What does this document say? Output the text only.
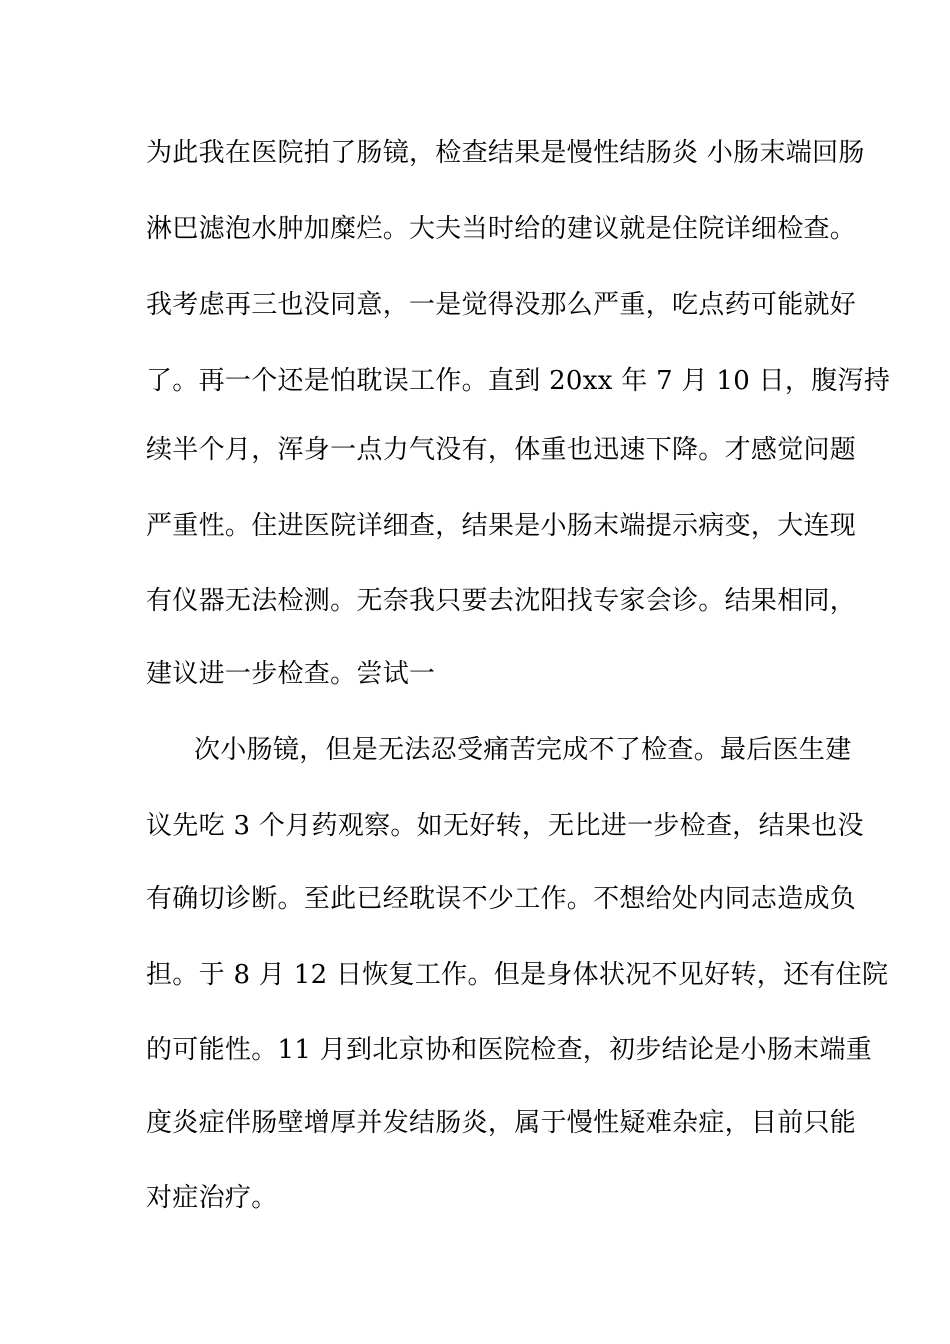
为此我在医院拍了肠镜，检查结果是慢性结肠炎 小肠末端回肠
淋巴滤泡水肿加糜烂。大夫当时给的建议就是住院详细检查。
我考虑再三也没同意，一是觉得没那么严重，吃点药可能就好
了。再一个还是怕耽误工作。直到 20xx 年 7 月 10 日，腹泻持
续半个月，浑身一点力气没有，体重也迅速下降。才感觉问题
严重性。住进医院详细查，结果是小肠末端提示病变，大连现
有仪器无法检测。无奈我只要去沈阳找专家会诊。结果相同，
建议进一步检查。尝试一
次小肠镜，但是无法忍受痛苦完成不了检查。最后医生建
议先吃 3 个月药观察。如无好转，无比进一步检查，结果也没
有确切诊断。至此已经耽误不少工作。不想给处内同志造成负
担。于 8 月 12 日恢复工作。但是身体状况不见好转，还有住院
的可能性。11 月到北京协和医院检查，初步结论是小肠末端重
度炎症伴肠壁增厚并发结肠炎，属于慢性疑难杂症，目前只能
对症治疗。
